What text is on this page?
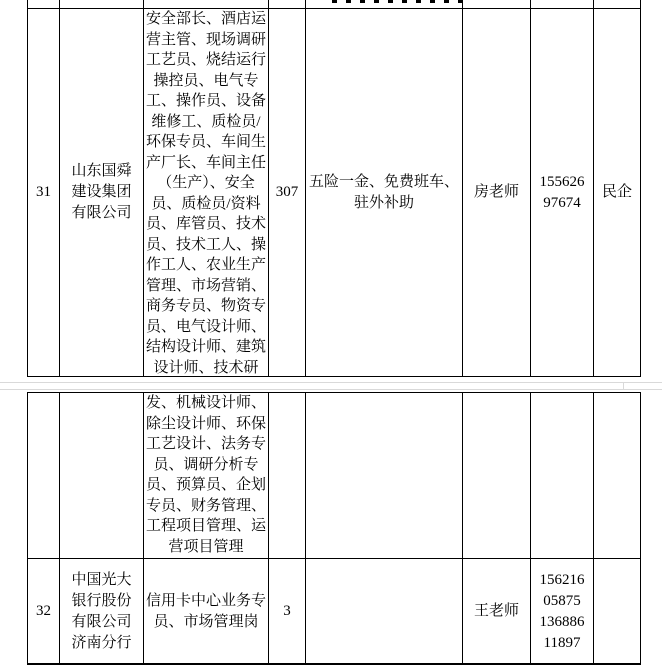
31
山东国舜
建设集团
有限公司
安全部长、酒店运营主管、现场调研工艺员、烧结运行操控员、电气专工、操作员、设备维修工、质检员/环保专员、车间生产厂长、车间主任（生产）、安全员、质检员/资料员、库管员、技术员、技术工人、操作工人、农业生产管理、市场营销、商务专员、物资专员、电气设计师、结构设计师、建筑设计师、技术研
307
五险一金、免费班车、驻外补助
房老师
155626
97674
民企
发、机械设计师、除尘设计师、环保工艺设计、法务专员、调研分析专员、预算员、企划专员、财务管理、工程项目管理、运营项目管理
32
中国光大
银行股份
有限公司
济南分行
信用卡中心业务专员、市场管理岗
3	王老师
156216
05875
136886
11897
